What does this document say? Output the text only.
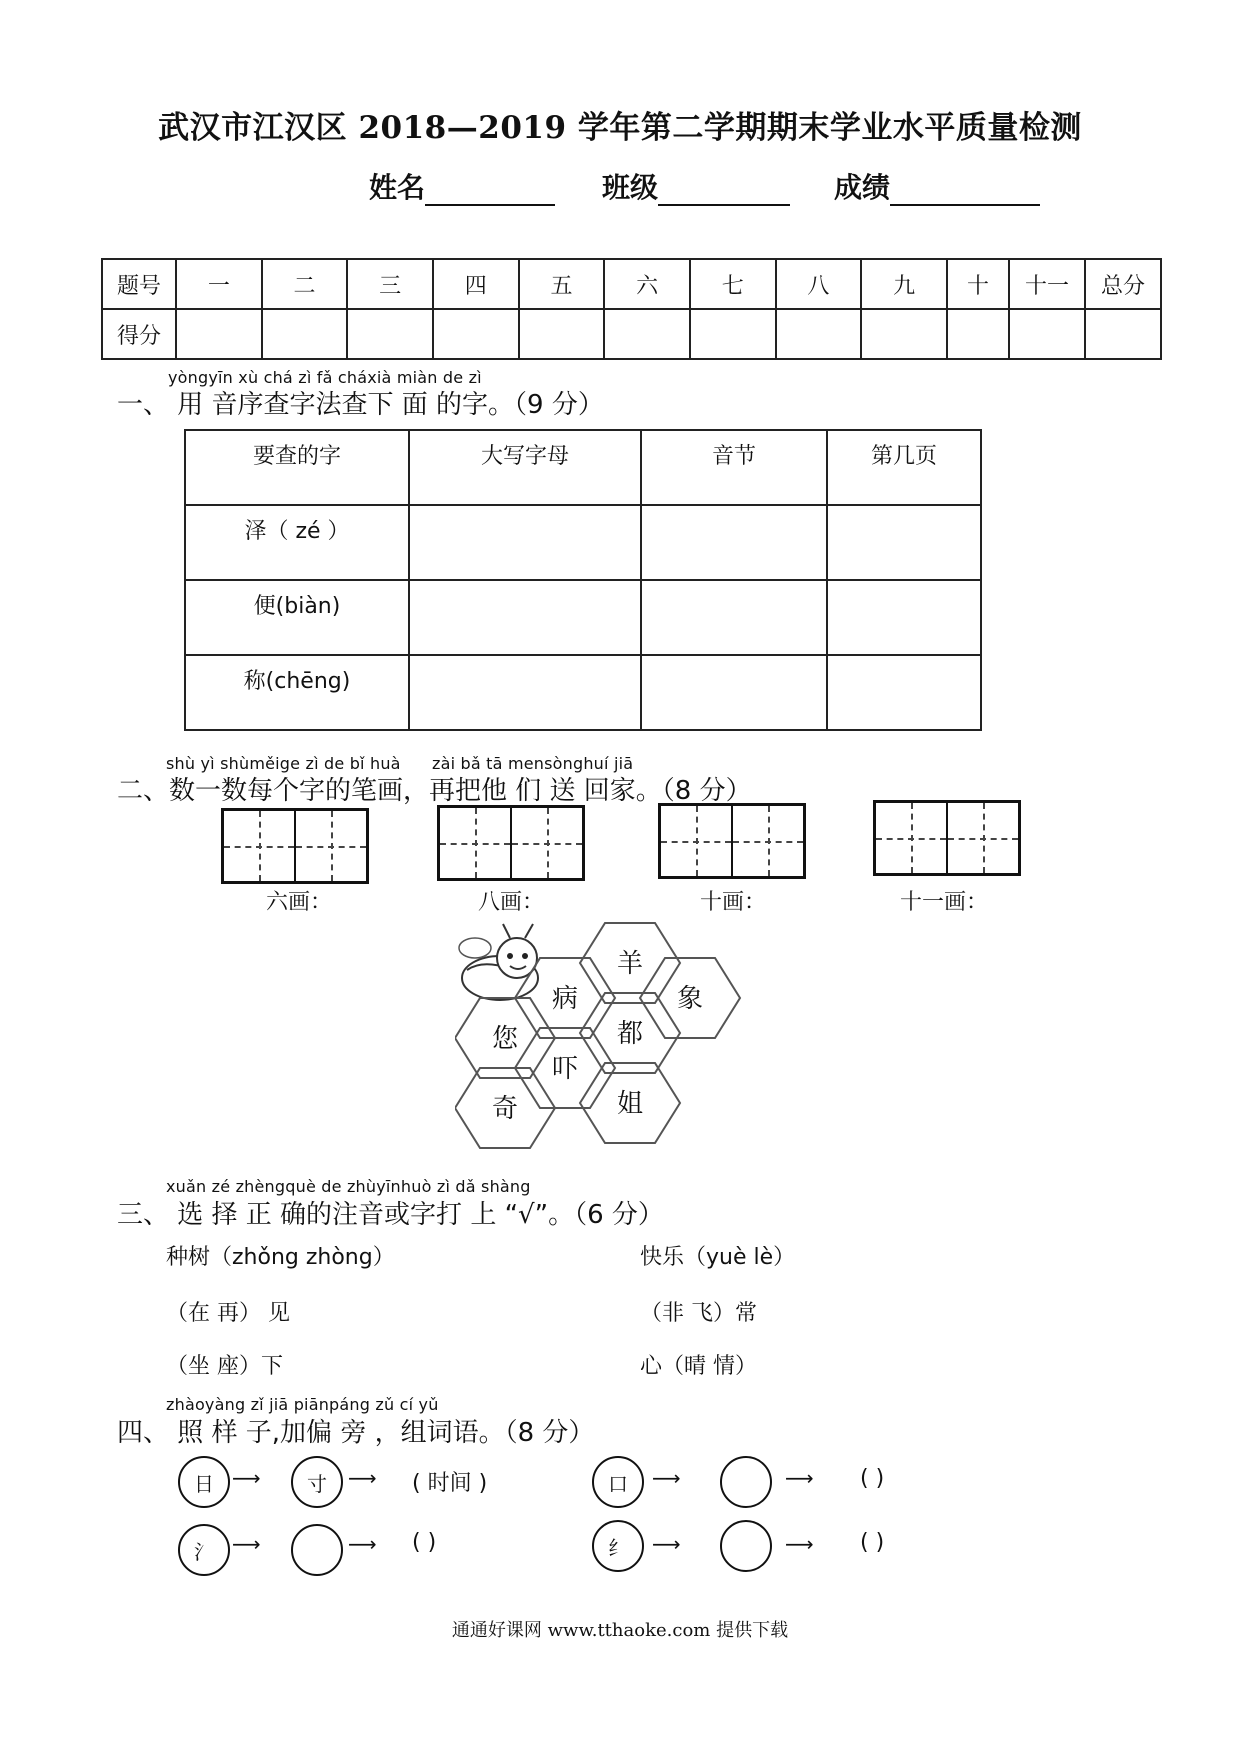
武汉市江汉区 2018—2019 学年第二学期期末学业水平质量检测
姓名	班级	成绩
题号	一	二	三	四	五	六	七	八	九	十	十一	总分
得分												
yòngyīn xù chá zì fǎ cháxià miàn de zì
一、 用 音序查字法查下 面 的字。（9 分）
要查的字	大写字母	音节	第几页
泽（ zé ）			
便(biàn)			
称(chēng)			
shù yì shùměige zì de bǐ huà zài bǎ tā mensònghuí jiā
二、数一数每个字的笔画，再把他 们 送 回家。（8 分）
六画：	八画：	十画：	十一画：
羊
病	象
都
您
吓
奇	姐
xuǎn zé zhèngquè de zhùyīnhuò zì dǎ shàng
三、 选 择 正 确的注音或字打 上 “√”。（6 分）
种树（zhǒng zhòng）	快乐（yuè lè）
（在 再） 见	（非 飞）常
（坐 座）下	心（晴 情）
zhàoyàng zǐ jiā piānpáng zǔ cí yǔ
四、 照 样 子,加偏 旁 ，组词语。（8 分）
日 ⟶	寸	⟶ ( 时间 )
氵 ⟶	⟶ ( )
口	⟶	⟶ ( )
纟	⟶	⟶ ( )
通通好课网 www.tthaoke.com 提供下载
